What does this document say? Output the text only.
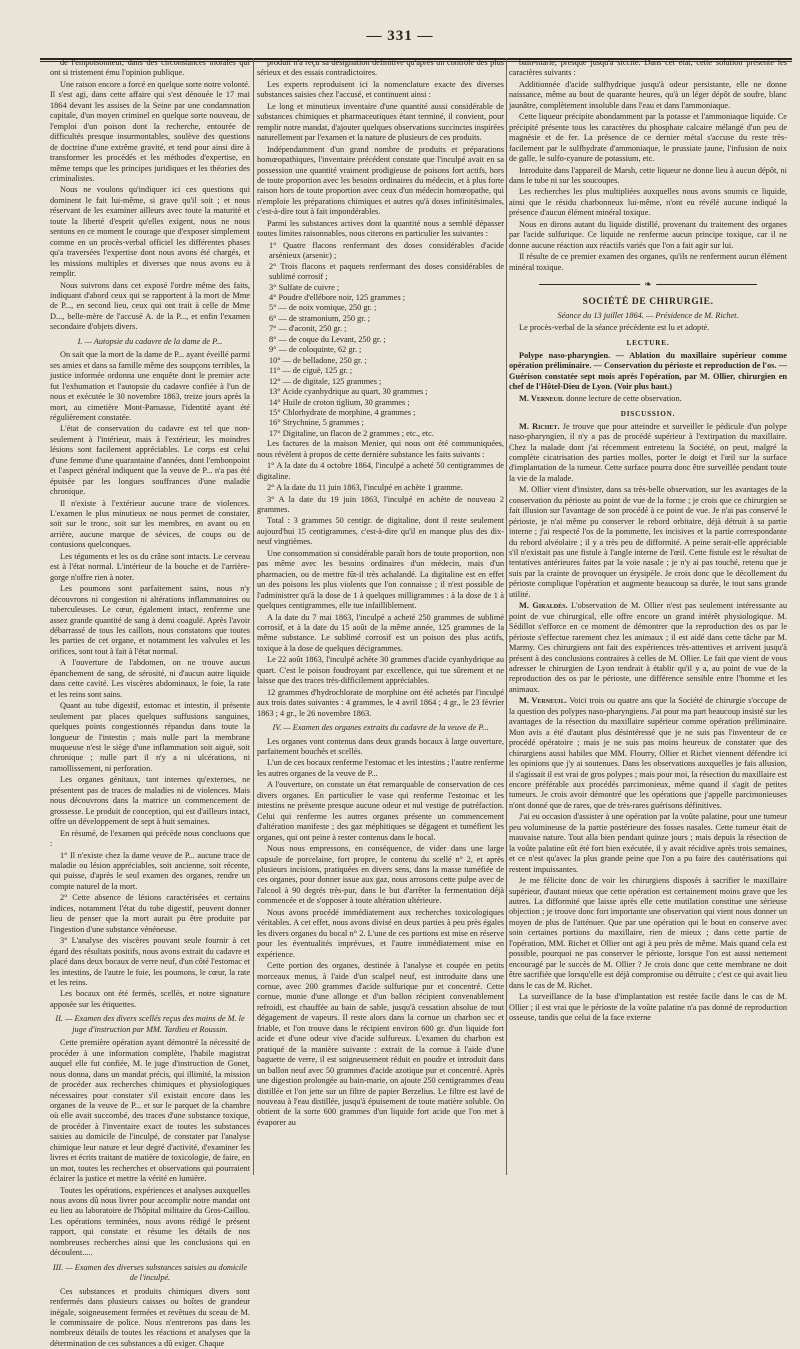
— 331 —

de l'empoisonneur, dans des circonstances morales qui ont si tristement ému l'opinion publique.

Une raison encore a forcé en quelque sorte notre volonté. Il s'est agi, dans cette affaire qui s'est dénouée le 17 mai 1864 devant les assises de la Seine par une condamnation capitale, d'un moyen criminel en quelque sorte nouveau, de l'emploi d'un poison dont la recherche, entourée de difficultés presque insurmontables, soulève des questions de doctrine d'une extrême gravité, et tend pour ainsi dire à transformer les procédés et les méthodes d'expertise, en même temps que les principes juridiques et les théories des criminalistes.

Nous ne voulons qu'indiquer ici ces questions qui dominent le fait lui-même, si grave qu'il soit ; et nous réservant de les examiner ailleurs avec toute la maturité et toute la liberté d'esprit qu'elles exigent, nous ne nous sentons en ce moment le courage que d'exposer simplement comme en un procès-verbal officiel les différentes phases qu'a traversées l'expertise dont nous avons été chargés, et les missions multiples et diverses que nous avons eu à remplir.

Nous suivrons dans cet exposé l'ordre même des faits, indiquant d'abord ceux qui se rapportent à la mort de Mme de P..., en second lieu, ceux qui ont trait à celle de Mme D..., belle-mère de l'accusé A. de la P..., et enfin l'examen secondaire d'objets divers.

I. — Autopsie du cadavre de la dame de P...

On sait que la mort de la dame de P... ayant éveillé parmi ses amies et dans sa famille même des soupçons terribles, la justice informée ordonna une enquête dont le premier acte fut l'exhumation et l'autopsie du cadavre confiée à l'un de nous et exécutée le 30 novembre 1863, treize jours après la mort, au cimetière Mont-Parnasse, l'identité ayant été régulièrement constatée.

L'état de conservation du cadavre est tel que non-seulement à l'intérieur, mais à l'extérieur, les moindres lésions sont facilement appréciables. Le corps est celui d'une femme d'une quarantaine d'années, dont l'embonpoint et l'aspect général indiquent que la veuve de P... n'a pas été épuisée par les longues souffrances d'une maladie chronique.

Il n'existe à l'extérieur aucune trace de violences. L'examen le plus minutieux ne nous permet de constater, soit sur le tronc, soit sur les membres, en avant ou en arrière, aucune marque de sévices, de coups ou de contusions quelconques.

Les téguments et les os du crâne sont intacts. Le cerveau est à l'état normal. L'intérieur de la bouche et de l'arrière-gorge n'offre rien à noter.

Les poumons sont parfaitement sains, nous n'y découvrons ni congestion ni altérations inflammatoires ou tuberculeuses. Le cœur, également intact, renferme une assez grande quantité de sang à demi coagulé. Après l'avoir débarrassé de tous les caillots, nous constatons que toutes les parties de cet organe, et notamment les valvules et les orifices, sont tout à fait à l'état normal.

A l'ouverture de l'abdomen, on ne trouve aucun épanchement de sang, de sérosité, ni d'aucun autre liquide dans cette cavité. Les viscères abdominaux, le foie, la rate et les reins sont sains.

Quant au tube digestif, estomac et intestin, il présente seulement par places quelques suffusions sanguines, quelques points congestionnés répandus dans toute la longueur de l'intestin ; mais nulle part la membrane muqueuse n'est le siège d'une inflammation soit aiguë, soit chronique ; nulle part il n'y a ni ulcérations, ni ramollissement, ni perforation.

Les organes génitaux, tant internes qu'externes, ne présentent pas de traces de maladies ni de violences. Mais nous découvrons dans la matrice un commencement de grossesse. Le produit de conception, qui est d'ailleurs intact, offre un développement de sept à huit semaines.

En résumé, de l'examen qui précède nous concluons que :

1° Il n'existe chez la dame veuve de P... aucune trace de maladie ou lésion appréciables, soit ancienne, soit récente, qui puisse, d'après le seul examen des organes, rendre un compte naturel de la mort.

2° Cette absence de lésions caractérisées et certains indices, notamment l'état du tube digestif, peuvent donner lieu de penser que la mort aurait pu être produite par l'ingestion d'une substance vénéneuse.

3° L'analyse des viscères pouvant seule fournir à cet égard des résultats positifs, nous avons extrait du cadavre et placé dans deux bocaux de verre neuf, d'un côté l'estomac et les intestins, de l'autre le foie, les poumons, le cœur, la rate et les reins.

Les bocaux ont été fermés, scellés, et notre signature apposée sur les étiquettes.

II. — Examen des divers scellés reçus des mains de M. le juge d'instruction par MM. Tardieu et Roussin.

Cette première opération ayant démontré la nécessité de procéder à une information complète, l'habile magistrat auquel elle fut confiée, M. le juge d'instruction de Gonet, nous donna, dans un mandat précis, qui illimité, la mission de procéder aux recherches chimiques et physiologiques nécessaires pour constater s'il existait encore dans les organes de la veuve de P... et sur le parquet de la chambre où elle avait succombé, des traces d'une substance toxique, de procéder à l'inventaire exact de toutes les substances saisies au domicile de l'inculpé, de constater par l'analyse chimique leur nature et leur degré d'activité, d'examiner les livres et écrits traitant de matière de toxicologie, de faire, en un mot, toutes les recherches et observations qui pourraient éclairer la justice et mettre la vérité en lumière.

Toutes les opérations, expériences et analyses auxquelles nous avons dû nous livrer pour accomplir notre mandat ont eu lieu au laboratoire de l'hôpital militaire du Gros-Caillou. Les opérations terminées, nous avons rédigé le présent rapport, qui constate et résume les détails de nos nombreuses recherches ainsi que les conclusions qui en découlent.....

III. — Examen des diverses substances saisies au domicile de l'inculpé.

Ces substances et produits chimiques divers sont renfermés dans plusieurs caisses ou boîtes de grandeur inégale, soigneusement fermées et revêtues du sceau de M. le commissaire de police. Nous n'entrerons pas dans les nombreux détails de toutes les réactions et analyses que la détermination de ces substances a dû exiger. Chaque

produit n'a reçu sa désignation définitive qu'après un contrôle des plus sérieux et des essais contradictoires.

Les experts reproduisent ici la nomenclature exacte des diverses substances saisies chez l'accusé, et continuent ainsi :

Le long et minutieux inventaire d'une quantité aussi considérable de substances chimiques et pharmaceutiques étant terminé, il convient, pour remplir notre mandat, d'ajouter quelques observations succinctes inspirées naturellement par l'examen et la nature de plusieurs de ces produits.

Indépendamment d'un grand nombre de produits et préparations homœopathiques, l'inventaire précédent constate que l'inculpé avait en sa possession une quantité vraiment prodigieuse de poisons fort actifs, hors de toute proportion avec les besoins ordinaires du médecin, et à plus forte raison hors de toute proportion avec ceux d'un médecin homœopathe, qui n'emploie les préparations chimiques et autres qu'à doses infinitésimales, c'est-à-dire tout à fait impondérables.

Parmi les substances actives dont la quantité nous a semblé dépasser toutes limites raisonnables, nous citerons en particulier les suivantes :

1° Quatre flacons renfermant des doses considérables d'acide arsénieux (arsenic) ;

2° Trois flacons et paquets renfermant des doses considérables de sublimé corrosif ;

3° Sulfate de cuivre ;

4° Poudre d'ellébore noir, 125 grammes ;

5° — de noix vomique, 250 gr. ;

6° — de stramonium, 250 gr. ;

7° — d'aconit, 250 gr. ;

8° — de coque du Levant, 250 gr. ;

9° — de coloquinte, 62 gr. ;

10° — de belladone, 250 gr. ;

11° — de ciguë, 125 gr. ;

12° — de digitale, 125 grammes ;

13° Acide cyanhydrique au quart, 30 grammes ;

14° Huile de croton tiglium, 30 grammes ;

15° Chlorhydrate de morphine, 4 grammes ;

16° Strychnine, 5 grammes ;

17° Digitaline, un flacon de 2 grammes ; etc., etc.

Les factures de la maison Menier, qui nous ont été communiquées, nous révèlent à propos de cette dernière substance les faits suivants :

1° A la date du 4 octobre 1864, l'inculpé a acheté 50 centigrammes de digitaline.

2° A la date du 11 juin 1863, l'inculpé en achète 1 gramme.

3° A la date du 19 juin 1863, l'inculpé en achète de nouveau 2 grammes.

Total : 3 grammes 50 centigr. de digitaline, dont il reste seulement aujourd'hui 15 centigrammes, c'est-à-dire qu'il en manque plus des dix-neuf vingtièmes.

Une consommation si considérable paraît hors de toute proportion, non pas même avec les besoins ordinaires d'un médecin, mais d'un pharmacien, ou de mettre fût-il très achalandé. La digitaline est en effet un des poisons les plus violents que l'on connaisse ; il n'est possible de l'administrer qu'à la dose de 1 à quelques milligrammes : à la dose de 1 à quelques centigrammes, elle tue infailliblement.

A la date du 7 mai 1863, l'inculpé a acheté 250 grammes de sublimé corrosif, et à la date du 15 août de la même année, 125 grammes de la même substance. Le sublimé corrosif est un poison des plus actifs, toxique à la dose de quelques décigrammes.

Le 22 août 1863, l'inculpé achète 30 grammes d'acide cyanhydrique au quart. C'est le poison foudroyant par excellence, qui tue sûrement et ne laisse que des traces très-difficilement appréciables.

12 grammes d'hydrochlorate de morphine ont été achetés par l'inculpé aux trois dates suivantes : 4 grammes, le 4 avril 1864 ; 4 gr., le 23 février 1863 ; 4 gr., le 26 novembre 1863.

IV. — Examen des organes extraits du cadavre de la veuve de P...

Les organes vont contenus dans deux grands bocaux à large ouverture, parfaitement bouchés et scellés.

L'un de ces bocaux renferme l'estomac et les intestins ; l'autre renferme les autres organes de la veuve de P...

A l'ouverture, on constate un état remarquable de conservation de ces divers organes. En particulier le vase qui renferme l'estomac et les intestins ne présente presque aucune odeur et nul vestige de putréfaction. Celui qui renferme les autres organes présente un commencement d'altération manifeste ; des gaz méphitiques se dégagent et tuméfient les organes, qui ont peine à rester contenus dans le bocal.

Nous nous empressons, en conséquence, de vider dans une large capsule de porcelaine, fort propre, le contenu du scellé n° 2, et après plusieurs incisions, pratiquées en divers sens, dans la masse tuméfiée de ces organes, pour donner issue aux gaz, nous arrosons cette pulpe avec de l'alcool à 90 degrés très-pur, dans le but d'arrêter la fermentation déjà commencée et de s'opposer à toute altération ultérieure.

Nous avons procédé immédiatement aux recherches toxicologiques véritables. A cet effet, nous avons divisé en deux parties à peu près égales les divers organes du bocal n° 2. L'une de ces portions est mise en réserve pour les éventualités imprévues, et l'autre immédiatement mise en expérience.

Cette portion des organes, destinée à l'analyse et coupée en petits morceaux menus, à l'aide d'un scalpel neuf, est introduite dans une cornue, avec 200 grammes d'acide sulfurique pur et concentré. Cette cornue, munie d'une allonge et d'un ballon récipient convenablement refroidi, est chauffée au bain de sable, jusqu'à cessation absolue de tout dégagement de vapeurs. Il reste alors dans la cornue un charbon sec et friable, et l'on trouve dans le récipient environ 600 gr. d'un liquide fort acide et d'une odeur vive d'acide sulfureux. L'examen du charbon est pratiqué de la manière suivante : extrait de la cornue à l'aide d'une baguette de verre, il est soigneusement réduit en poudre et introduit dans un ballon neuf avec 50 grammes d'acide azotique pur et concentré. Après une digestion prolongée au bain-marie, on ajoute 250 centigrammes d'eau distillée et l'on jette sur un filtre de papier Berzelius. Le filtre est lavé de nouveau à l'eau distillée, jusqu'à épuisement de toute matière soluble. On obtient de la sorte 600 grammes d'un liquide fort acide que l'on met à évaporer au

bain-marie, presque jusqu'à siccité. Dans cet état, cette solution présente les caractères suivants :

Additionnée d'acide sulfhydrique jusqu'à odeur persistante, elle ne donne naissance, même au bout de quarante heures, qu'à un léger dépôt de soufre, blanc jaunâtre, complètement insoluble dans l'eau et dans l'ammoniaque.

Cette liqueur précipite abondamment par la potasse et l'ammoniaque liquide. Ce précipité présente tous les caractères du phosphate calcaire mélangé d'un peu de magnésie et de fer. La présence de ce dernier métal s'accuse du reste très-facilement par le sulfhydrate d'ammoniaque, le prussiate jaune, l'infusion de noix de galle, le sulfo-cyanure de potassium, etc.

Introduite dans l'appareil de Marsh, cette liqueur ne donne lieu à aucun dépôt, ni dans le tube ni sur les soucoupes.

Les recherches les plus multipliées auxquelles nous avons soumis ce liquide, ainsi que le résidu charbonneux lui-même, n'ont eu révélé aucune indiqué la présence d'aucun élément minéral toxique.

Nous en dirons autant du liquide distillé, provenant du traitement des organes par l'acide sulfurique. Ce liquide ne renferme aucun principe toxique, car il ne donne aucune réaction aux réactifs variés que l'on a fait agir sur lui.

Il résulte de ce premier examen des organes, qu'ils ne renferment aucun élément minéral toxique.

❧

SOCIÉTÉ DE CHIRURGIE.

Séance du 13 juillet 1864. — Présidence de M. Richet.

Le procès-verbal de la séance précédente est lu et adopté.

LECTURE.

Polype naso-pharyngien. — Ablation du maxillaire supérieur comme opération préliminaire. — Conservation du périoste et reproduction de l'os. — Guérison constatée sept mois après l'opération, par M. Ollier, chirurgien en chef de l'Hôtel-Dieu de Lyon. (Voir plus haut.)

M. Verneuil donne lecture de cette observation.

DISCUSSION.

M. Richet. Je trouve que pour atteindre et surveiller le pédicule d'un polype naso-pharyngien, il n'y a pas de procédé supérieur à l'extirpation du maxillaire. Chez la malade dont j'ai récemment entretenu la Société, on peut, malgré la complète cicatrisation des parties molles, porter le doigt et l'œil sur la surface d'implantation de la tumeur. Cette surface pourra donc être surveillée pendant toute la vie de la malade.

M. Ollier vient d'insister, dans sa très-belle observation, sur les avantages de la conservation du périoste au point de vue de la forme ; je crois que ce chirurgien se fait illusion sur l'avantage de son procédé à ce point de vue. Je n'ai pas conservé le périoste, je n'ai même pu conserver le rebord orbitaire, déjà détruit à sa partie interne ; j'ai respecté l'os de la pommette, les incisives et la partie correspondante du rebord alvéolaire ; il y a très peu de difformité. A peine serait-elle appréciable s'il n'existait pas une fistule à l'angle interne de l'œil. Cette fistule est le résultat de tentatives antérieures faites par la voie nasale ; je n'y ai pas touché, retenu que je suis par la crainte de provoquer un érysipèle. Je crois donc que le décollement du périoste complique l'opération et augmente beaucoup sa durée, le tout sans grande utilité.

M. Giraldès. L'observation de M. Ollier n'est pas seulement intéressante au point de vue chirurgical, elle offre encore un grand intérêt physiologique. M. Sédillot s'efforce en ce moment de démontrer que la reproduction des os par le périoste s'effectue rarement chez les animaux ; il est aidé dans cette tâche par M. Marmy. Ces chirurgiens ont fait des expériences très-attentives et arrivent jusqu'à présent à des conclusions contraires à celles de M. Ollier. Le fait que vient de vous adresser le chirurgien de Lyon tendrait à établir qu'il y a, au point de vue de la reproduction des os par le périoste, une différence sensible entre l'homme et les animaux.

M. Verneuil. Voici trois ou quatre ans que la Société de chirurgie s'occupe de la question des polypes naso-pharyngiens. J'ai pour ma part beaucoup insisté sur les avantages de la résection du maxillaire supérieur comme opération préliminaire. Mon avis a été d'autant plus désintéressé que je ne suis pas l'inventeur de ce procédé opératoire ; mais je ne suis pas moins heureux de constater que des chirurgiens aussi habiles que MM. Flourry, Ollier et Richet viennent défendre ici les opinions que j'y ai soutenues. Dans les observations auxquelles je fais allusion, il s'agissait il est vrai de gros polypes ; mais pour moi, la résection du maxillaire est encore préférable aux procédés parcimonieux, même quand il s'agit de petites tumeurs. Je crois avoir démontré que les opérations que j'appelle parcimonieuses n'ont donné que de rares, que de très-rares guérisons définitives.

J'ai eu occasion d'assister à une opération par la voûte palatine, pour une tumeur peu volumineuse de la partie postérieure des fosses nasales. Cette tumeur était de mauvaise nature. Tout alla bien pendant quinze jours ; mais depuis la résection de la voûte palatine eût été fort bien exécutée, il y avait récidive après trois semaines, et ce n'est qu'avec la plus grande peine que l'on a pu faire des cautérisations qui restent impuissantes.

Je me félicite donc de voir les chirurgiens disposés à sacrifier le maxillaire supérieur, d'autant mieux que cette opération est certainement moins grave que les autres. La difformité que laisse après elle cette mutilation constitue une sérieuse objection ; je trouve donc fort importante une observation qui vient nous donner un moyen de plus de l'atténuer. Que par une opération qui le bout en conserve avec soin certaines portions du maxillaire, rien de mieux ; dans cette partie de l'opération, MM. Richet et Ollier ont agi à peu près de même. Mais quand cela est possible, pourquoi ne pas conserver le périoste, lorsque l'on est aussi nettement encouragé par le succès de M. Ollier ? Je crois donc que cette membrane ne doit être sacrifiée que lorsqu'elle est déjà compromise ou détruite ; c'est ce qui avait lieu dans le cas de M. Richet.

La surveillance de la base d'implantation est restée facile dans le cas de M. Ollier ; il est vrai que le périoste de la voûte palatine n'a pas donné de reproduction osseuse, tandis que celui de la face externe
